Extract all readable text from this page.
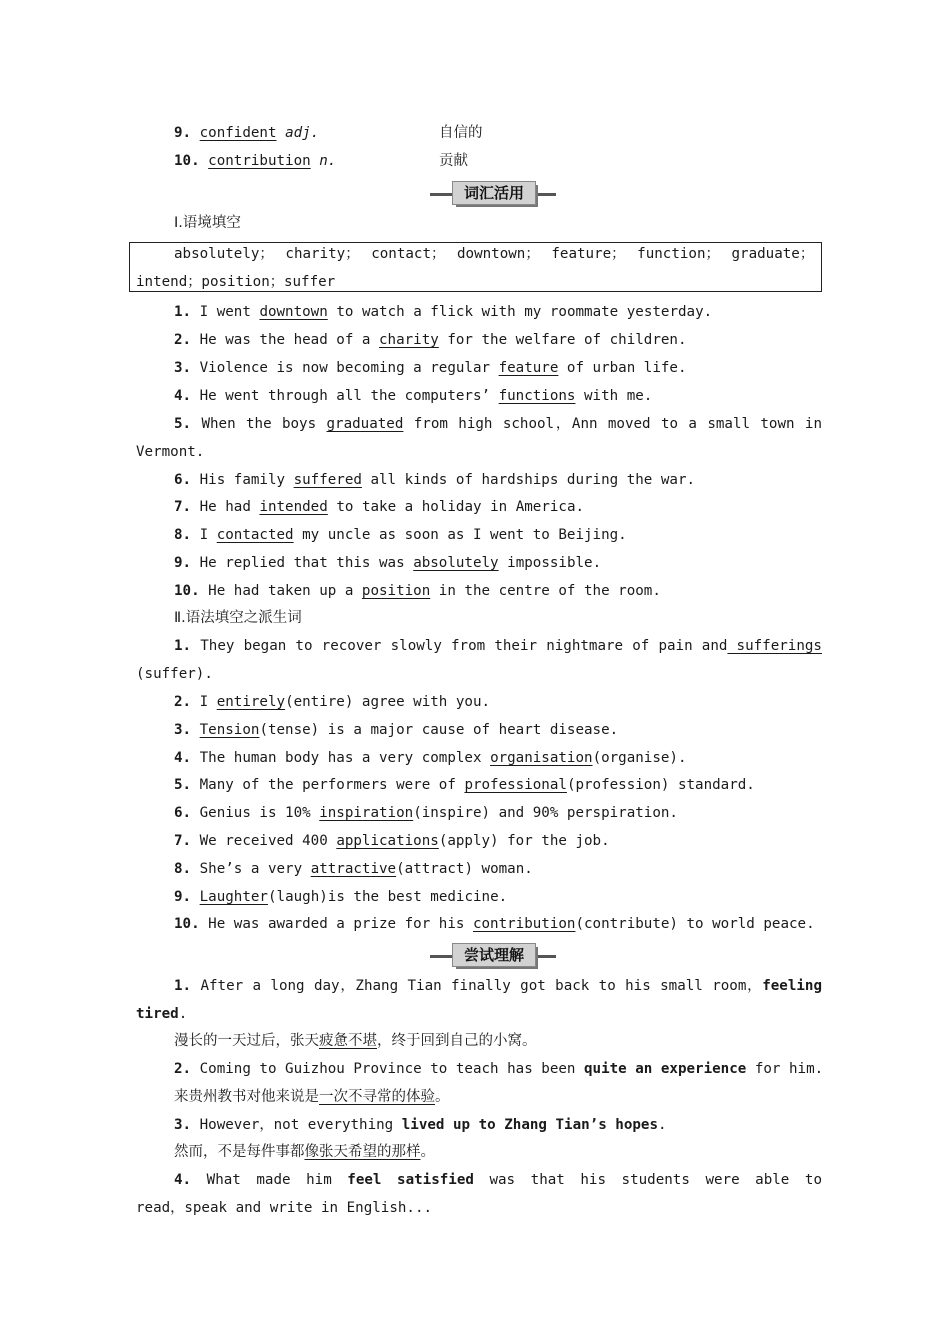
9. confident adj.	自信的
10. contribution n.	贡献
词汇活用
Ⅰ.语境填空
absolutely； charity； contact； downtown； feature； function； graduate；
intend；position；suffer
1. I went downtown to watch a flick with my roommate yesterday.
2. He was the head of a charity for the welfare of children.
3. Violence is now becoming a regular feature of urban life.
4. He went through all the computers’ functions with me.
5. When the boys graduated from high school，Ann moved to a small town in
Vermont.
6. His family suffered all kinds of hardships during the war.
7. He had intended to take a holiday in America.
8. I contacted my uncle as soon as I went to Beijing.
9. He replied that this was absolutely impossible.
10. He had taken up a position in the centre of the room.
Ⅱ.语法填空之派生词
1. They began to recover slowly from their nightmare of pain and sufferings
(suffer).
2. I entirely(entire) agree with you.
3. Tension(tense) is a major cause of heart disease.
4. The human body has a very complex organisation(organise).
5. Many of the performers were of professional(profession) standard.
6. Genius is 10% inspiration(inspire) and 90% perspiration.
7. We received 400 applications(apply) for the job.
8. She’s a very attractive(attract) woman.
9. Laughter(laugh)is the best medicine.
10. He was awarded a prize for his contribution(contribute) to world peace.
尝试理解
1. After a long day，Zhang Tian finally got back to his small room，feeling
tired.
漫长的一天过后，张天疲惫不堪，终于回到自己的小窝。
2. Coming to Guizhou Province to teach has been quite an experience for him.
来贵州教书对他来说是一次不寻常的体验。
3. However，not everything lived up to Zhang Tian’s hopes.
然而，不是每件事都像张天希望的那样。
4. What made him feel satisfied was that his students were able to
read，speak and write in English...
